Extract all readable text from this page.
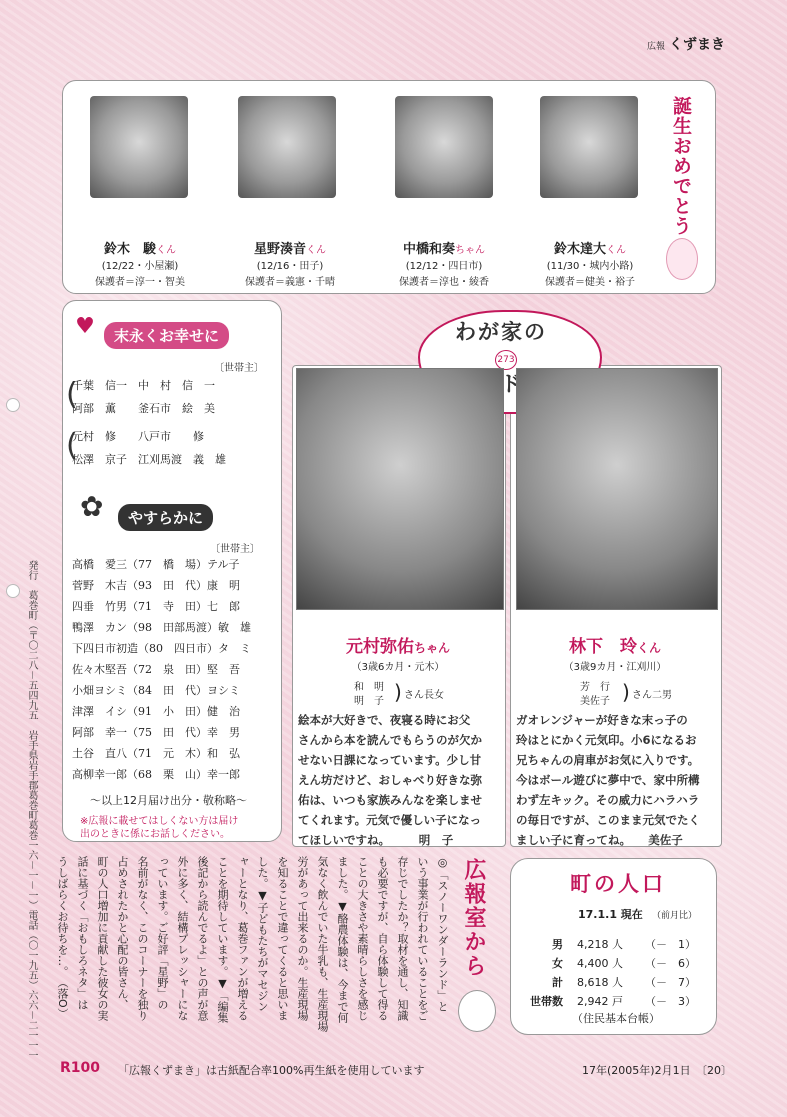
広報 くずまき
鈴木　駿くん
(12/22・小屋瀬)
保護者＝淳一・智美
星野湊音くん
(12/16・田子)
保護者＝義憲・千晴
中橋和奏ちゃん
(12/12・四日市)
保護者＝淳也・綾香
鈴木達大くん
(11/30・城内小路)
保護者＝健美・裕子
誕生おめでとう
♥	末永くお幸せに
〔世帯主〕
千葉　信一　中　村　信　一
阿部　薫　　釜石市　絵　美
元村　修　　八戸市　　修
松澤　京子　江刈馬渡　義　雄
(
(
✿	やすらかに
〔世帯主〕
高橋　愛三（77　橋　場）テル子
菅野　木吉（93　田　代）康　明
四垂　竹男（71　寺　田）七　郎
鴨澤　カン（98　田部馬渡）敏　雄
下四日市初造（80　四日市）タ　ミ
佐々木堅吾（72　泉　田）堅　吾
小畑ヨシミ（84　田　代）ヨシミ
津澤　イシ（91　小　田）健　治
阿部　幸一（75　田　代）幸　男
土谷　直八（71　元　木）和　弘
高柳幸一郎（68　栗　山）幸一郎
～以上12月届け出分・敬称略～
※広報に載せてはしくない方は届け
出のときに係にお話しください。
わが家の
273
元村弥佑ちゃん
（3歳6カ月・元木）
和　明
明　子 ) さん長女
林下　玲くん
（3歳9カ月・江刈川）
芳　行
美佐子 ) さん二男
絵本が大好きで、夜寝る時にお父
さんから本を読んでもらうのが欠か
せない日課になっています。少し甘
えん坊だけど、おしゃべり好きな弥
佑は、いつも家族みんなを楽しませ
てくれます。元気で優しい子になっ
てほしいですね。　　　明　子
ガオレンジャーが好きな末っ子の
玲はとにかく元気印。小6になるお
兄ちゃんの肩車がお気に入りです。
今はボール遊びに夢中で、家中所構
わず左キック。その威力にハラハラ
の毎日ですが、このまま元気でたく
ましい子に育ってね。　　美佐子
◎「スノーワンダーランド」と
いう事業が行われていることをご
存じでしたか？取材を通し、知識
も必要ですが、自ら体験して得る
ことの大きさや素晴らしさを感じ
ました。▼酪農体験は、今まで何
気なく飲んでいた牛乳も、生産現場
労があって出来るのか。生産現場
を知ることで違ってくると思いま
した。▼子どもたちがマセジン
ャーとなり、葛巻ファンが増える
ことを期待しています。▼「編集
後記から読んでるよ」との声が意
外に多く、結構プレッシャーにな
っています。ご好評「星野」の
名前がなく、このコーナーを独り
占めされたかと心配の皆さん、
町の人口増加に貢献した彼女の実
話に基づく「おもしろネタ」は
うしばらくお待ちを…。　（落O）	広報室から	町の人口
17.1.1 現在 （前月比）
男 4,218 人 （－　1）
女 4,400 人 （－　6）
計 8,618 人 （－　7）
世帯数 2,942 戸 （－　3）
（住民基本台帳）
発行　葛巻町（〒〇二八－五四九五　岩手県岩手郡葛巻町葛巻一六－一－一）電話（〇一九五）六六－二一一一
R100 「広報くずまき」は古紙配合率100%再生紙を使用しています	17年(2005年)2月1日 〔20〕
